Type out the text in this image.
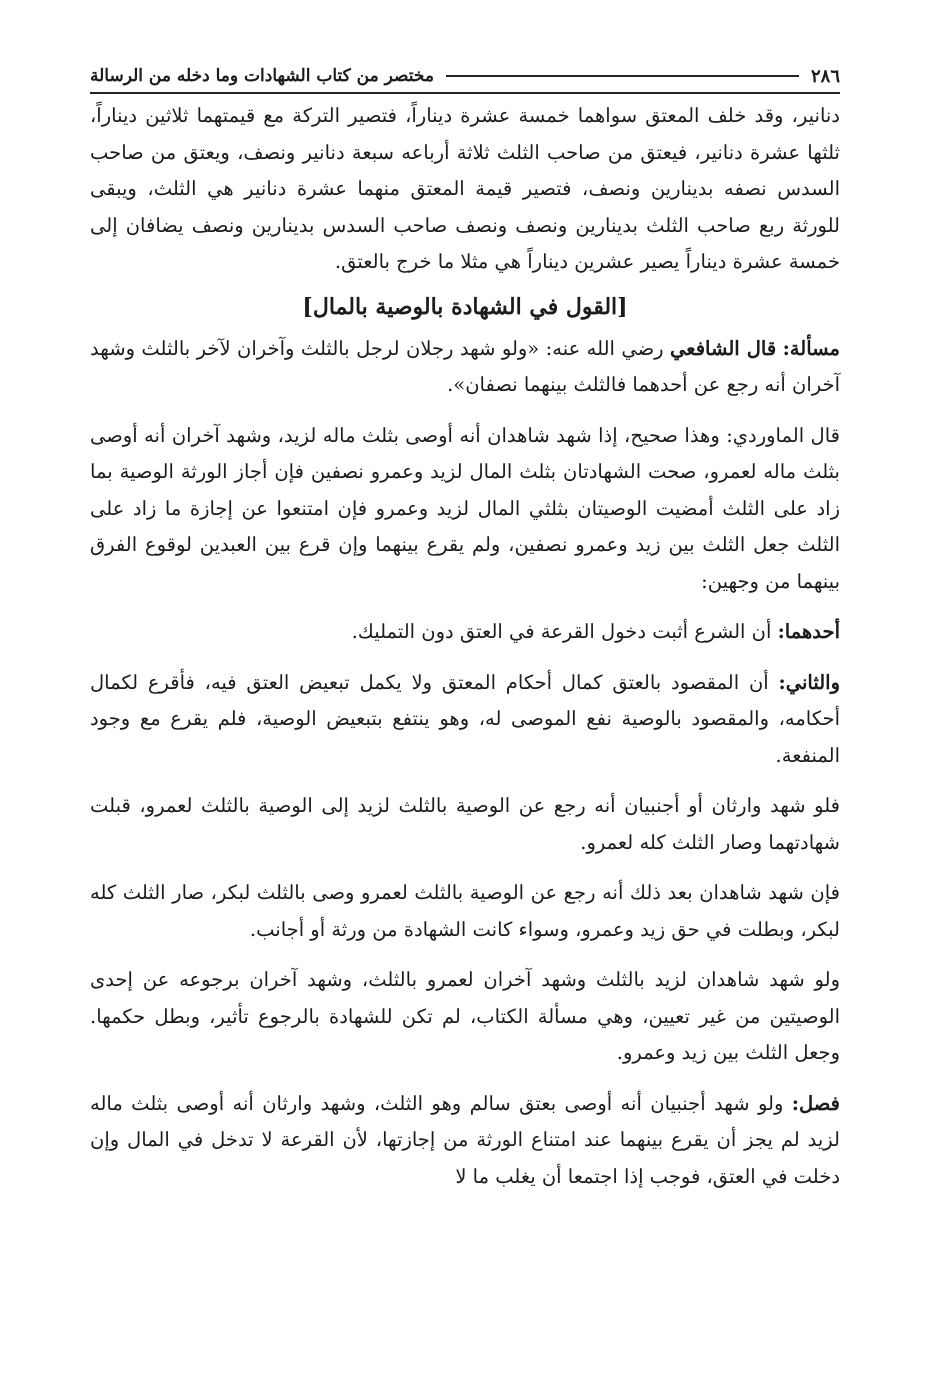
٢٨٦
مختصر من كتاب الشهادات وما دخله من الرسالة

دنانير، وقد خلف المعتق سواهما خمسة عشرة ديناراً، فتصير التركة مع قيمتهما ثلاثين ديناراً، ثلثها عشرة دنانير، فيعتق من صاحب الثلث ثلاثة أرباعه سبعة دنانير ونصف، ويعتق من صاحب السدس نصفه بدينارين ونصف، فتصير قيمة المعتق منهما عشرة دنانير هي الثلث، ويبقى للورثة ربع صاحب الثلث بدينارين ونصف ونصف صاحب السدس بدينارين ونصف يضافان إلى خمسة عشرة ديناراً يصير عشرين ديناراً هي مثلا ما خرج بالعتق.

[القول في الشهادة بالوصية بالمال]

مسألة: قال الشافعي رضي الله عنه: «ولو شهد رجلان لرجل بالثلث وآخران لآخر بالثلث وشهد آخران أنه رجع عن أحدهما فالثلث بينهما نصفان».

قال الماوردي: وهذا صحيح، إذا شهد شاهدان أنه أوصى بثلث ماله لزيد، وشهد آخران أنه أوصى بثلث ماله لعمرو، صحت الشهادتان بثلث المال لزيد وعمرو نصفين فإن أجاز الورثة الوصية بما زاد على الثلث أمضيت الوصيتان بثلثي المال لزيد وعمرو فإن امتنعوا عن إجازة ما زاد على الثلث جعل الثلث بين زيد وعمرو نصفين، ولم يقرع بينهما وإن قرع بين العبدين لوقوع الفرق بينهما من وجهين:

أحدهما: أن الشرع أثبت دخول القرعة في العتق دون التمليك.

والثاني: أن المقصود بالعتق كمال أحكام المعتق ولا يكمل تبعيض العتق فيه، فأقرع لكمال أحكامه، والمقصود بالوصية نفع الموصى له، وهو ينتفع بتبعيض الوصية، فلم يقرع مع وجود المنفعة.

فلو شهد وارثان أو أجنبيان أنه رجع عن الوصية بالثلث لزيد إلى الوصية بالثلث لعمرو، قبلت شهادتهما وصار الثلث كله لعمرو.

فإن شهد شاهدان بعد ذلك أنه رجع عن الوصية بالثلث لعمرو وصى بالثلث لبكر، صار الثلث كله لبكر، وبطلت في حق زيد وعمرو، وسواء كانت الشهادة من ورثة أو أجانب.

ولو شهد شاهدان لزيد بالثلث وشهد آخران لعمرو بالثلث، وشهد آخران برجوعه عن إحدى الوصيتين من غير تعيين، وهي مسألة الكتاب، لم تكن للشهادة بالرجوع تأثير، وبطل حكمها. وجعل الثلث بين زيد وعمرو.

فصل: ولو شهد أجنبيان أنه أوصى بعتق سالم وهو الثلث، وشهد وارثان أنه أوصى بثلث ماله لزيد لم يجز أن يقرع بينهما عند امتناع الورثة من إجازتها، لأن القرعة لا تدخل في المال وإن دخلت في العتق، فوجب إذا اجتمعا أن يغلب ما لا
